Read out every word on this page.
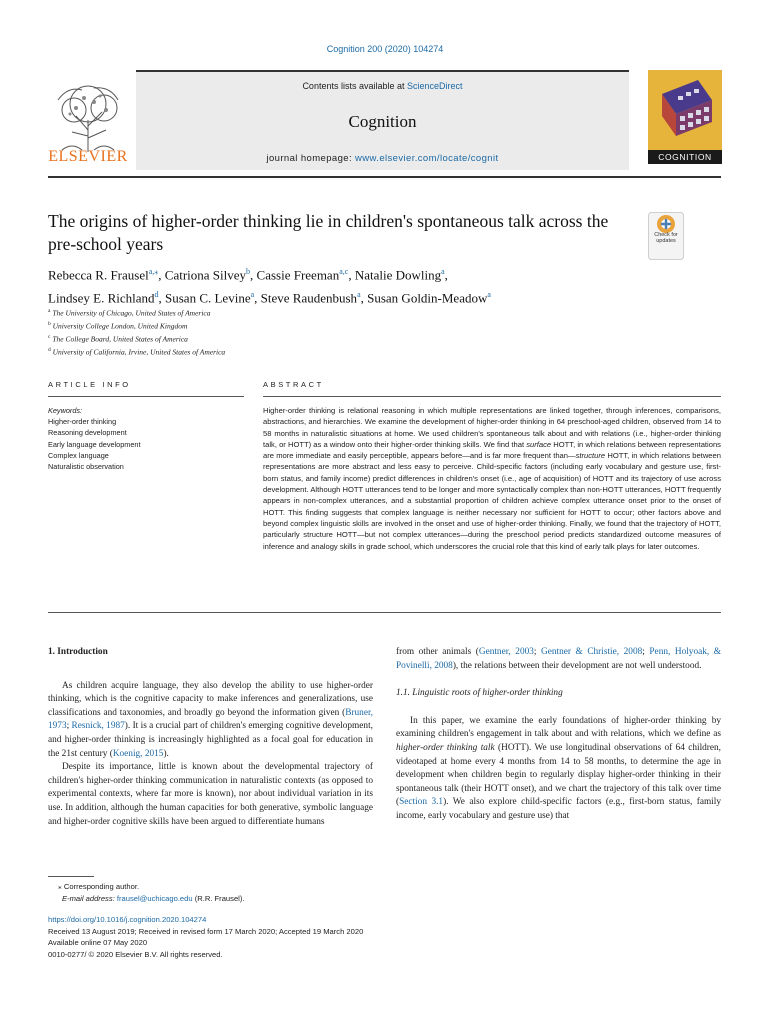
Cognition 200 (2020) 104274
ELSEVIER
Contents lists available at ScienceDirect
Cognition
journal homepage: www.elsevier.com/locate/cognit	COGNITION
The origins of higher-order thinking lie in children's spontaneous talk across the pre-school years	Check for updates
Rebecca R. Frausel$^{a,⁎}$, Catriona Silvey$^b$, Cassie Freeman$^{a,c}$, Natalie Dowling$^a$,
Lindsey E. Richland$^d$, Susan C. Levine$^a$, Steve Raudenbush$^a$, Susan Goldin-Meadow$^a$
$^a$ The University of Chicago, United States of America
$^b$ University College London, United Kingdom
$^c$ The College Board, United States of America
$^d$ University of California, Irvine, United States of America
ARTICLE INFO	ABSTRACT
Keywords:
Higher-order thinking
Reasoning development
Early language development
Complex language
Naturalistic observation
Higher-order thinking is relational reasoning in which multiple representations are linked together, through inferences, comparisons, abstractions, and hierarchies. We examine the development of higher-order thinking in 64 preschool-aged children, observed from 14 to 58 months in naturalistic situations at home. We used children's spontaneous talk about and with relations (i.e., higher-order thinking talk, or HOTT) as a window onto their higher-order thinking skills. We find that surface HOTT, in which relations between representations are more immediate and easily perceptible, appears before—and is far more frequent than—structure HOTT, in which relations between representations are more abstract and less easy to perceive. Child-specific factors (including early vocabulary and gesture use, first-born status, and family income) predict differences in children's onset (i.e., age of acquisition) of HOTT and its trajectory of use across development. Although HOTT utterances tend to be longer and more syntactically complex than non-HOTT utterances, HOTT frequently appears in non-complex utterances, and a substantial proportion of children achieve complex utterance onset prior to the onset of HOTT. This finding suggests that complex language is neither necessary nor sufficient for HOTT to occur; other factors above and beyond complex linguistic skills are involved in the onset and use of higher-order thinking. Finally, we found that the trajectory of HOTT, particularly structure HOTT—but not complex utterances—during the preschool period predicts standardized outcome measures of inference and analogy skills in grade school, which underscores the crucial role that this kind of early talk plays for later outcomes.
1. Introduction

As children acquire language, they also develop the ability to use higher-order thinking, which is the cognitive capacity to make inferences and generalizations, use classifications and taxonomies, and broadly go beyond the information given (Bruner, 1973; Resnick, 1987). It is a crucial part of children's emerging cognitive development, and higher-order thinking is increasingly highlighted as a focal goal for education in the 21st century (Koenig, 2015).

Despite its importance, little is known about the developmental trajectory of children's higher-order thinking communication in naturalistic contexts (as opposed to experimental contexts, where far more is known), nor about individual variation in its use. In addition, although the human capacities for both generative, symbolic language and higher-order cognitive skills have been argued to differentiate humans

from other animals (Gentner, 2003; Gentner & Christie, 2008; Penn, Holyoak, & Povinelli, 2008), the relations between their development are not well understood.

1.1. Linguistic roots of higher-order thinking

In this paper, we examine the early foundations of higher-order thinking by examining children's engagement in talk about and with relations, which we define as higher-order thinking talk (HOTT). We use longitudinal observations of 64 children, videotaped at home every 4 months from 14 to 58 months, to determine the age in development when children begin to regularly display higher-order thinking in their spontaneous talk (their HOTT onset), and we chart the trajectory of this talk over time (Section 3.1). We also explore child-specific factors (e.g., first-born status, family income, early vocabulary and gesture use) that

⁎ Corresponding author.
E-mail address: frausel@uchicago.edu (R.R. Frausel).
https://doi.org/10.1016/j.cognition.2020.104274
Received 13 August 2019; Received in revised form 17 March 2020; Accepted 19 March 2020
Available online 07 May 2020
0010-0277/ © 2020 Elsevier B.V. All rights reserved.
